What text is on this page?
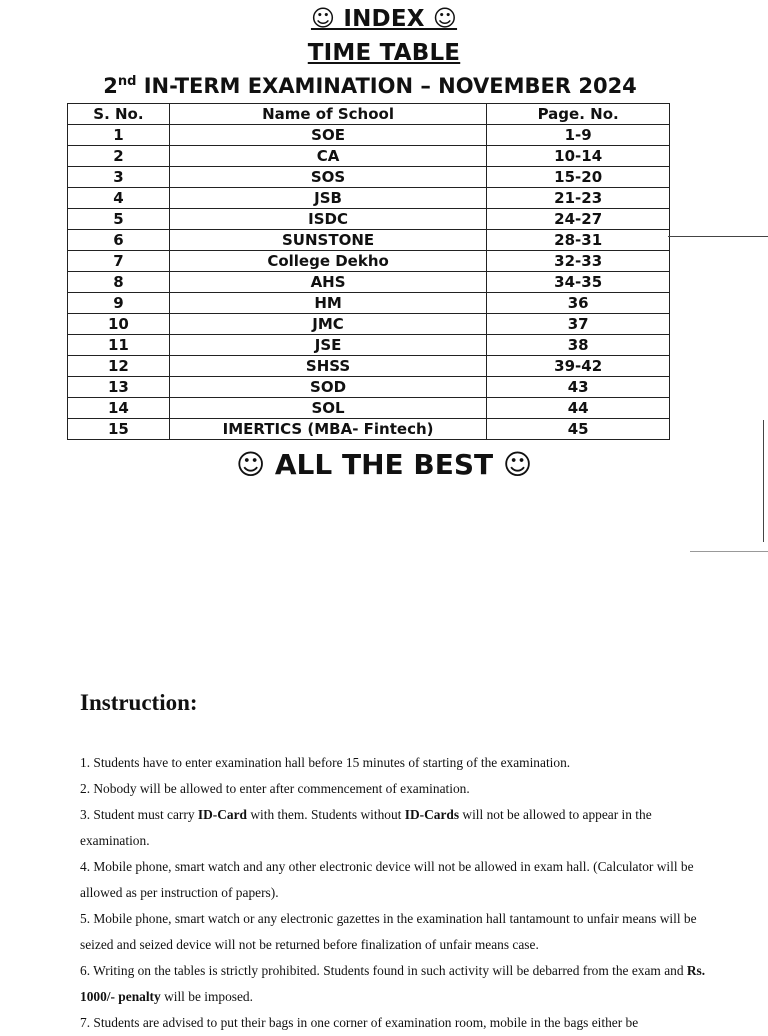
☺ INDEX ☺
TIME TABLE
2nd IN-TERM EXAMINATION – NOVEMBER 2024
S. No.	Name of School	Page. No.
1	SOE	1-9
2	CA	10-14
3	SOS	15-20
4	JSB	21-23
5	ISDC	24-27
6	SUNSTONE	28-31
7	College Dekho	32-33
8	AHS	34-35
9	HM	36
10	JMC	37
11	JSE	38
12	SHSS	39-42
13	SOD	43
14	SOL	44
15	IMERTICS (MBA- Fintech)	45
☺ ALL THE BEST ☺
Instruction:

1. Students have to enter examination hall before 15 minutes of starting of the examination.

2. Nobody will be allowed to enter after commencement of examination.

3. Student must carry ID-Card with them. Students without ID-Cards will not be allowed to appear in the examination.

4. Mobile phone, smart watch and any other electronic device will not be allowed in exam hall. (Calculator will be allowed as per instruction of papers).

5. Mobile phone, smart watch or any electronic gazettes in the examination hall tantamount to unfair means will be seized and seized device will not be returned before finalization of unfair means case.

6. Writing on the tables is strictly prohibited. Students found in such activity will be debarred from the exam and Rs. 1000/- penalty will be imposed.

7. Students are advised to put their bags in one corner of examination room, mobile in the bags either be
